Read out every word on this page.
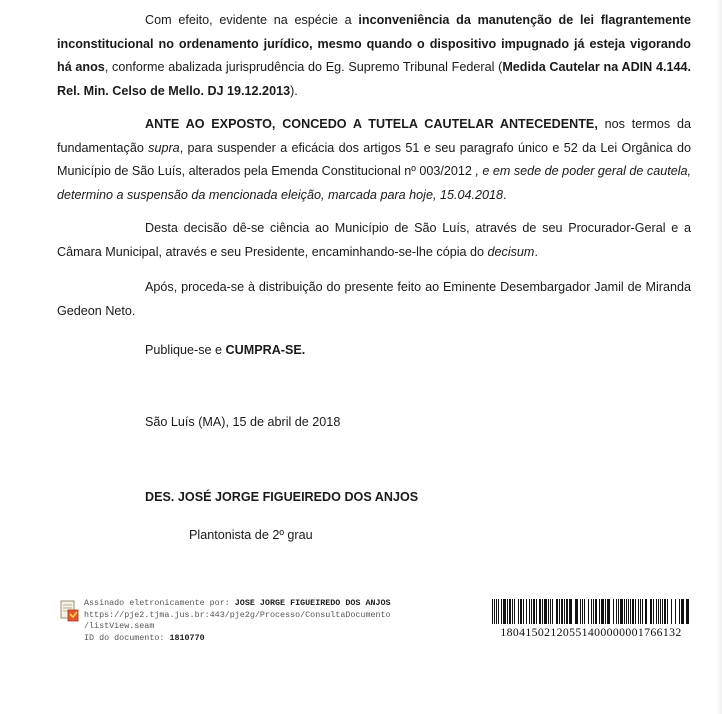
Com efeito, evidente na espécie a inconveniência da manutenção de lei flagrantemente inconstitucional no ordenamento jurídico, mesmo quando o dispositivo impugnado já esteja vigorando há anos, conforme abalizada jurisprudência do Eg. Supremo Tribunal Federal (Medida Cautelar na ADIN 4.144. Rel. Min. Celso de Mello. DJ 19.12.2013).

ANTE AO EXPOSTO, CONCEDO A TUTELA CAUTELAR ANTECEDENTE, nos termos da fundamentação supra, para suspender a eficácia dos artigos 51 e seu paragrafo único e 52 da Lei Orgânica do Município de São Luís, alterados pela Emenda Constitucional nº 003/2012 , e em sede de poder geral de cautela, determino a suspensão da mencionada eleição, marcada para hoje, 15.04.2018.

Desta decisão dê-se ciência ao Município de São Luís, através de seu Procurador-Geral e a Câmara Municipal, através e seu Presidente, encaminhando-se-lhe cópia do decisum.

Após, proceda-se à distribuição do presente feito ao Eminente Desembargador Jamil de Miranda Gedeon Neto.

Publique-se e CUMPRA-SE.

São Luís (MA), 15 de abril de 2018

DES. JOSÉ JORGE FIGUEIREDO DOS ANJOS

Plantonista de 2º grau

Assinado eletronicamente por: JOSE JORGE FIGUEIREDO DOS ANJOS
https://pje2.tjma.jus.br:443/pje2g/Processo/ConsultaDocumento
/listView.seam
ID do documento: 1810770	18041502120551400000001766132
